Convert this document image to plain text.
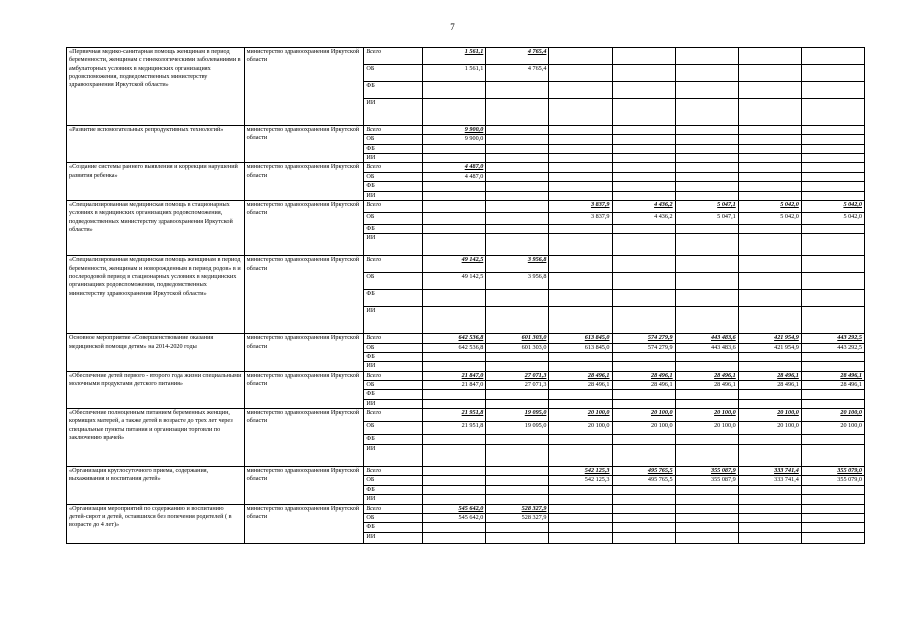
7
«Первичная медико-санитарная помощь женщинам в период беременности, женщинам с гинекологическими заболеваниями в амбулаторных условиях в медицинских организациях родовспоможения, подведомственных министерству здравоохранения Иркутской области»	министерство здравоохранения Иркутской области	Всего	1 561,1	4 765,4					
		ОБ	1 561,1	4 765,4					
		ФБ							
		ИИ							
«Развитие вспомогательных репродуктивных технологий»	министерство здравоохранения Иркутской области	Всего	9 900,0						
		ОБ	9 900,0						
		ФБ							
		ИИ							
«Создание системы раннего выявления и коррекции нарушений развития ребенка»	министерство здравоохранения Иркутской области	Всего	4 487,0						
		ОБ	4 487,0						
		ФБ							
		ИИ							
«Специализированная медицинская помощь в стационарных условиях в медицинских организациях родовспоможения, подведомственных министерству здравоохранения Иркутской области»	министерство здравоохранения Иркутской области	Всего			3 837,9	4 436,2	5 047,1	5 042,0	5 042,0
		ОБ			3 837,9	4 436,2	5 047,1	5 042,0	5 042,0
		ФБ							
		ИИ							
«Специализированная медицинская помощь женщинам в период беременности, женщинам и новорожденным в период родов» в и послеродовой период в стационарных условиях в медицинских организациях родовспоможения, подведомственных министерству здравоохранения Иркутской области»	министерство здравоохранения Иркутской области	Всего	49 142,5	3 956,8					
		ОБ	49 142,5	3 956,8					
		ФБ							
		ИИ							
Основное мероприятие «Совершенствование оказания медицинской помощи детям» на 2014-2020 годы	министерство здравоохранения Иркутской области	Всего	642 536,8	601 303,0	613 845,0	574 279,9	443 483,6	421 954,9	443 292,5
		ОБ	642 536,8	601 303,0	613 845,0	574 279,9	443 483,6	421 954,9	443 292,5
		ФБ							
		ИИ							
«Обеспечение детей первого - второго года жизни специальными молочными продуктами детского питания»	министерство здравоохранения Иркутской области	Всего	21 847,0	27 071,3	28 496,1	28 496,1	28 496,1	28 496,1	28 496,1
		ОБ	21 847,0	27 071,3	28 496,1	28 496,1	28 496,1	28 496,1	28 496,1
		ФБ							
		ИИ							
«Обеспечение полноценным питанием беременных женщин, кормящих матерей, а также детей в возрасте до трех лет через специальные пункты питания и организации торговли по заключению врачей»	министерство здравоохранения Иркутской области	Всего	21 951,8	19 095,0	20 100,0	20 100,0	20 100,0	20 100,0	20 100,0
		ОБ	21 951,8	19 095,0	20 100,0	20 100,0	20 100,0	20 100,0	20 100,0
		ФБ							
		ИИ							
«Организация круглосуточного приема, содержания, выхаживания и воспитания детей»	министерство здравоохранения Иркутской области	Всего			542 125,3	495 765,5	355 087,9	333 741,4	355 079,0
		ОБ			542 125,3	495 765,5	355 087,9	333 741,4	355 079,0
		ФБ							
		ИИ							
«Организация мероприятий по содержанию и воспитанию детей-сирот и детей, оставшихся без попечения родителей ( в возрасте до 4 лет)»	министерство здравоохранения Иркутской области	Всего	545 642,0	528 327,9					
		ОБ	545 642,0	528 327,9					
		ФБ							
		ИИ							
